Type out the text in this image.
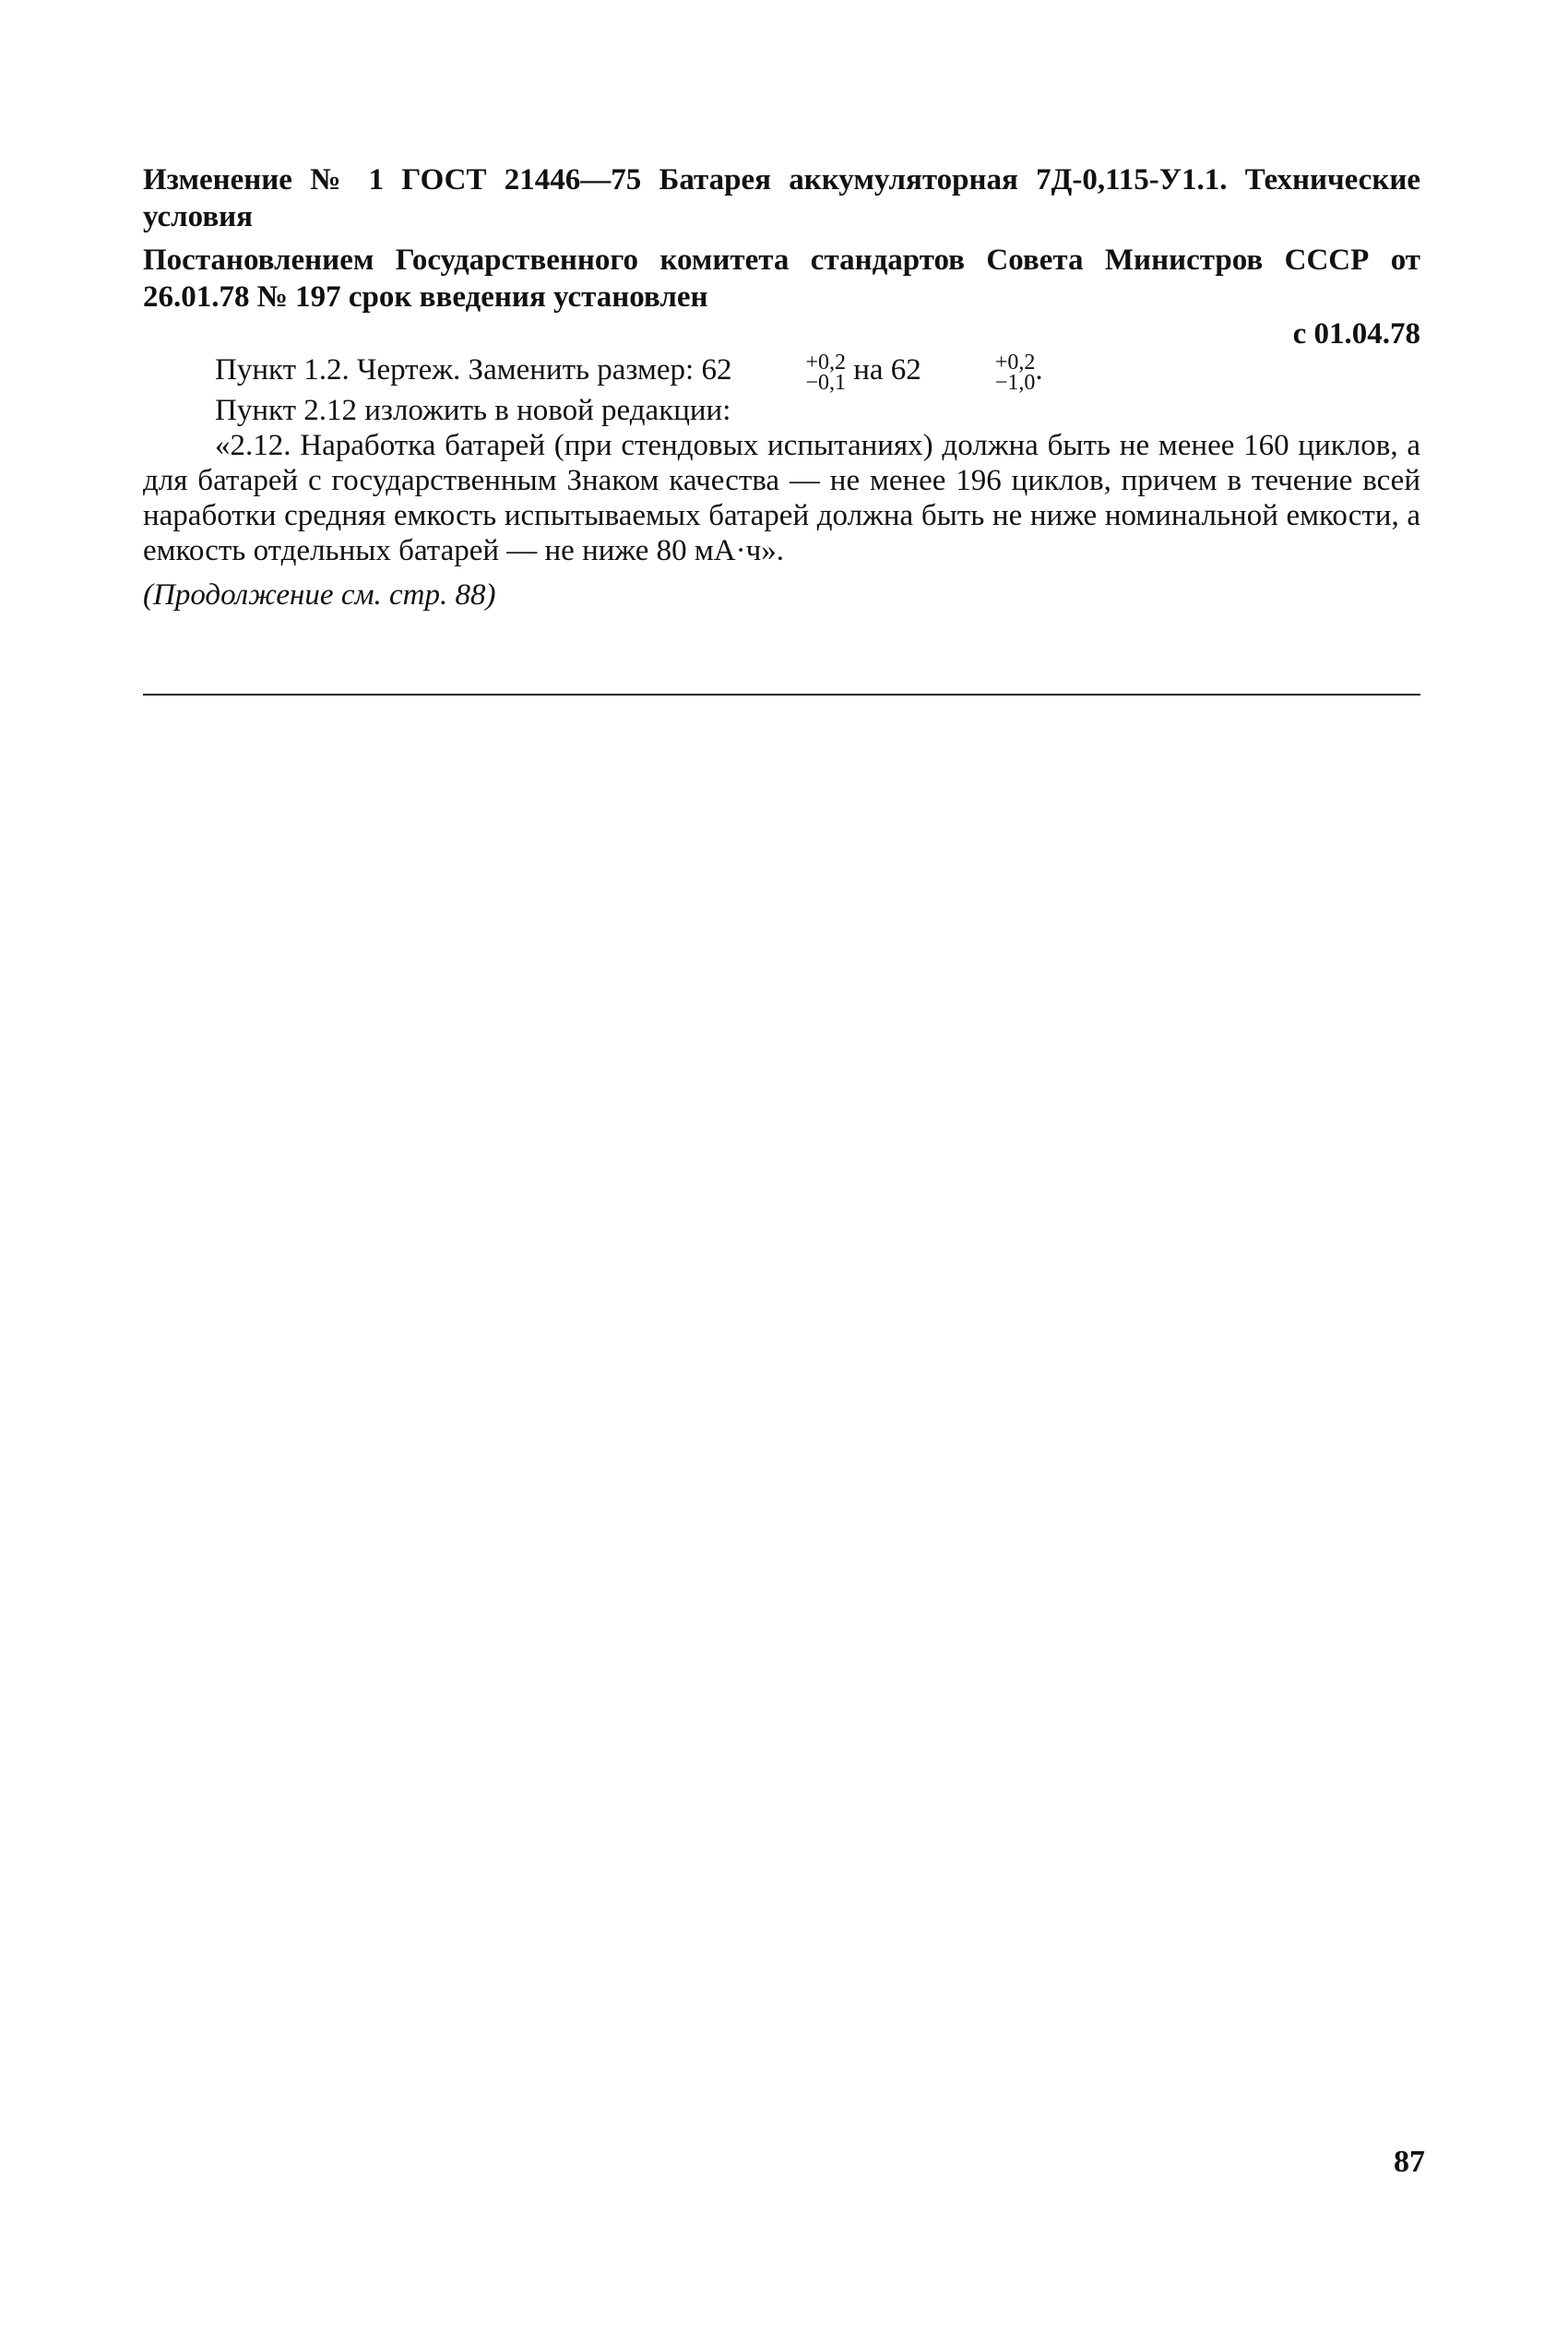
Изменение № 1 ГОСТ 21446—75 Батарея аккумуляторная 7Д-0,115-У1.1. Технические условия

Постановлением Государственного комитета стандартов Совета Министров СССР от 26.01.78 № 197 срок введения установлен

с 01.04.78

Пункт 1.2. Чертеж. Заменить размер: 62	+0,2
−0,1 на 62	+0,2
−1,0 .

Пункт 2.12 изложить в новой редакции:

«2.12. Наработка батарей (при стендовых испытаниях) должна быть не менее 160 циклов, а для батарей с государственным Знаком качества — не менее 196 циклов, причем в течение всей наработки средняя емкость испытываемых батарей должна быть не ниже номинальной емкости, а емкость отдельных батарей — не ниже 80 мА·ч».

(Продолжение см. стр. 88)

87
